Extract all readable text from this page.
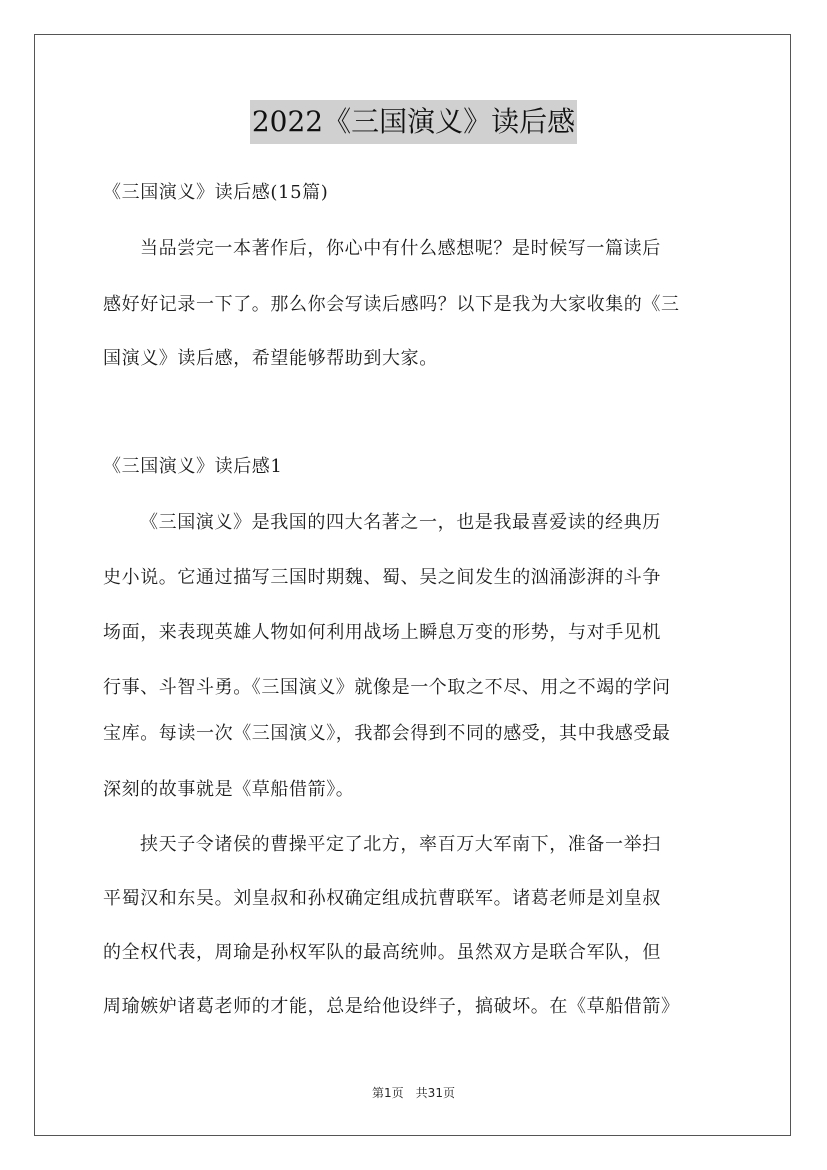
2022《三国演义》读后感
《三国演义》读后感(15篇)
当品尝完一本著作后，你心中有什么感想呢？是时候写一篇读后
感好好记录一下了。那么你会写读后感吗？以下是我为大家收集的《三
国演义》读后感，希望能够帮助到大家。
《三国演义》读后感1
《三国演义》是我国的四大名著之一，也是我最喜爱读的经典历
史小说。它通过描写三国时期魏、蜀、吴之间发生的汹涌澎湃的斗争
场面，来表现英雄人物如何利用战场上瞬息万变的形势，与对手见机
行事、斗智斗勇。《三国演义》就像是一个取之不尽、用之不竭的学问
宝库。每读一次《三国演义》，我都会得到不同的感受，其中我感受最
深刻的故事就是《草船借箭》。
挟天子令诸侯的曹操平定了北方，率百万大军南下，准备一举扫
平蜀汉和东吴。刘皇叔和孙权确定组成抗曹联军。诸葛老师是刘皇叔
的全权代表，周瑜是孙权军队的最高统帅。虽然双方是联合军队，但
周瑜嫉妒诸葛老师的才能，总是给他设绊子，搞破坏。在《草船借箭》
第1页　共31页
